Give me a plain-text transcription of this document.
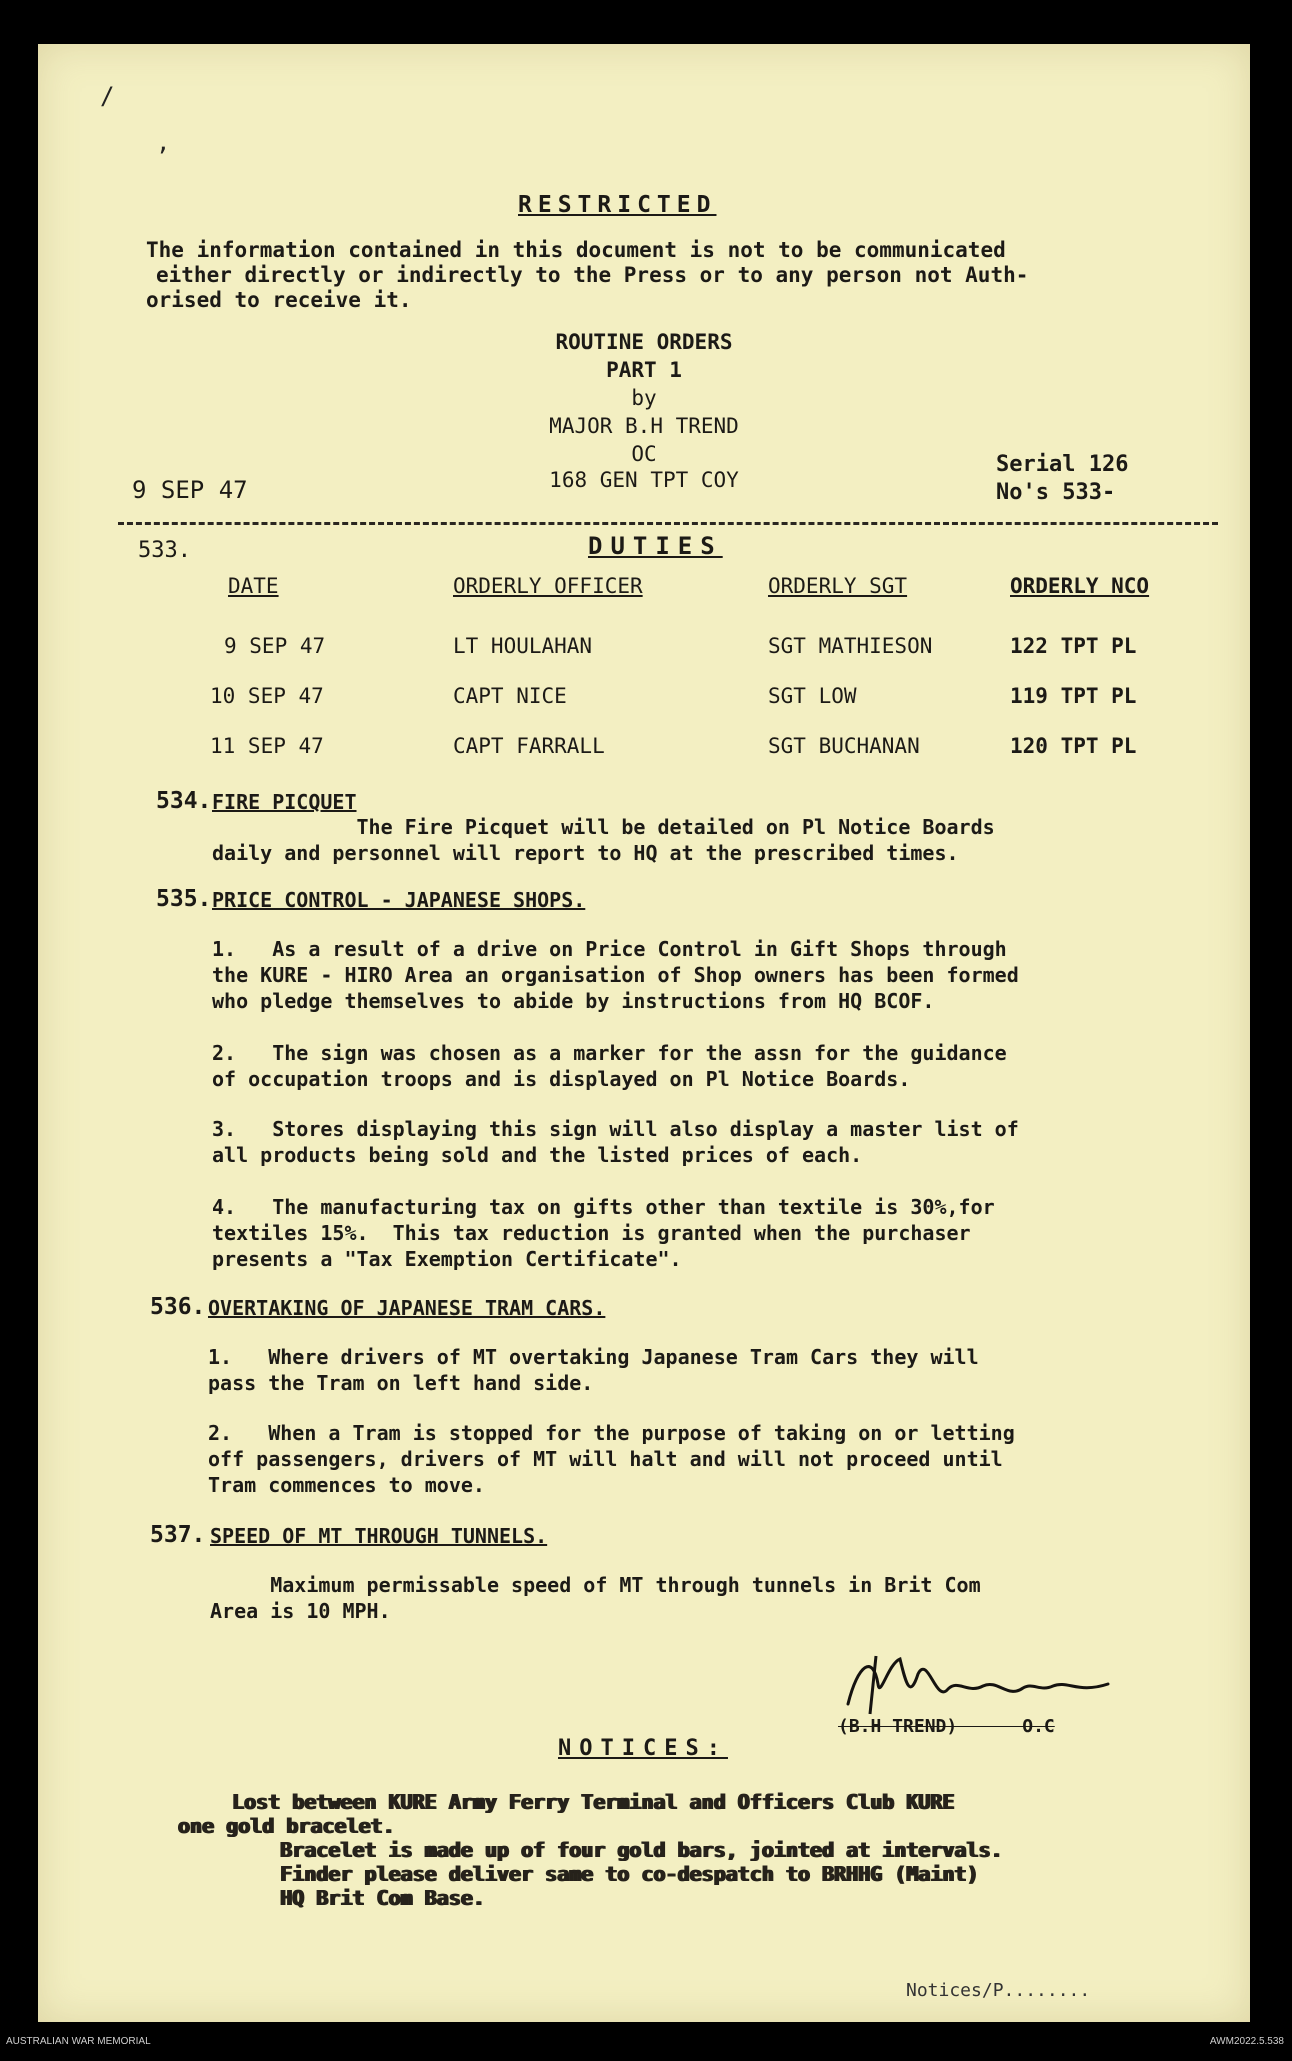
/
,
RESTRICTED
The information contained in this document is not to be communicated
either directly or indirectly to the Press or to any person not Auth-
orised to receive it.
ROUTINE ORDERS
PART 1
by
MAJOR B.H TREND
OC
168 GEN TPT COY
9 SEP 47
Serial 126
No's 533-
533.	DUTIES
DATE	ORDERLY OFFICER	ORDERLY SGT	ORDERLY NCO
9 SEP 47	LT HOULAHAN	SGT MATHIESON	122 TPT PL
10 SEP 47	CAPT NICE	SGT LOW	119 TPT PL
11 SEP 47	CAPT FARRALL	SGT BUCHANAN	120 TPT PL
534. FIRE PICQUET
The Fire Picquet will be detailed on Pl Notice Boards
daily and personnel will report to HQ at the prescribed times.
535. PRICE CONTROL - JAPANESE SHOPS.
1.   As a result of a drive on Price Control in Gift Shops through
the KURE - HIRO Area an organisation of Shop owners has been formed
who pledge themselves to abide by instructions from HQ BCOF.
2.   The sign was chosen as a marker for the assn for the guidance
of occupation troops and is displayed on Pl Notice Boards.
3.   Stores displaying this sign will also display a master list of
all products being sold and the listed prices of each.
4.   The manufacturing tax on gifts other than textile is 30%,for
textiles 15%.  This tax reduction is granted when the purchaser
presents a "Tax Exemption Certificate".
536. OVERTAKING OF JAPANESE TRAM CARS.
1.   Where drivers of MT overtaking Japanese Tram Cars they will
pass the Tram on left hand side.
2.   When a Tram is stopped for the purpose of taking on or letting
off passengers, drivers of MT will halt and will not proceed until
Tram commences to move.
537. SPEED OF MT THROUGH TUNNELS.
Maximum permissable speed of MT through tunnels in Brit Com
Area is 10 MPH.
(B.H TREND)      O.C
NOTICES:
Lost between KURE Army Ferry Terminal and Officers Club KURE
one gold bracelet.
Bracelet is made up of four gold bars, jointed at intervals.
Finder please deliver same to co-despatch to BRHHG (Maint)
HQ Brit Com Base.
Notices/P........
AUSTRALIAN WAR MEMORIAL	AWM2022.5.538
